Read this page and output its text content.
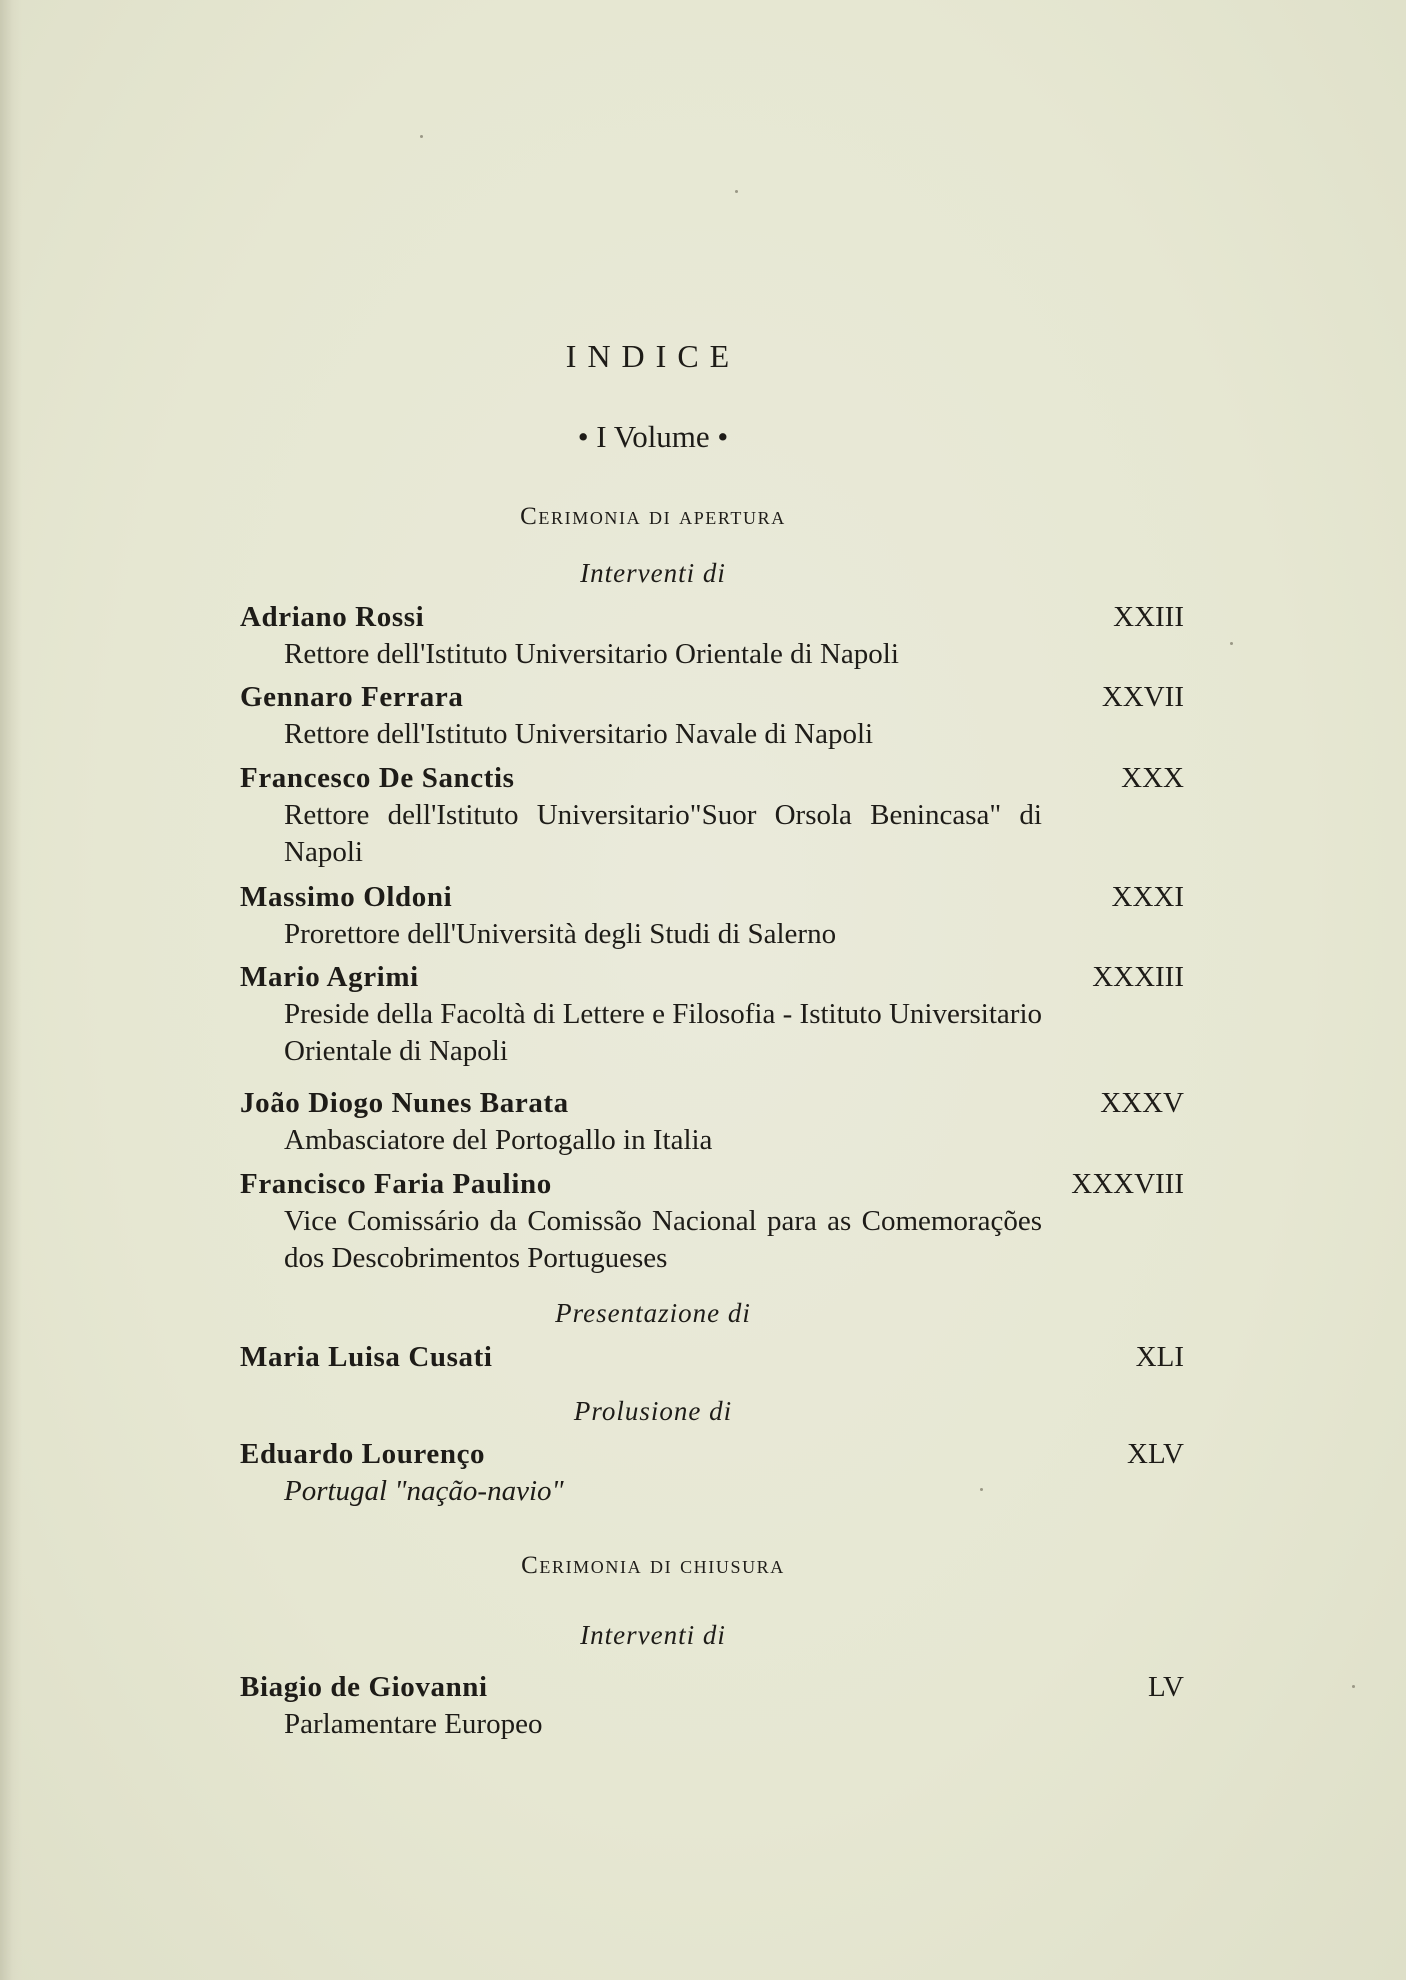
INDICE
• I Volume •
Cerimonia di apertura
Interventi di
Adriano Rossi	XXIII
Rettore dell'Istituto Universitario Orientale di Napoli
Gennaro Ferrara	XXVII
Rettore dell'Istituto Universitario Navale di Napoli
Francesco De Sanctis	XXX
Rettore dell'Istituto Universitario"Suor Orsola Benincasa" di Napoli
Massimo Oldoni	XXXI
Prorettore dell'Università degli Studi di Salerno
Mario Agrimi	XXXIII
Preside della Facoltà di Lettere e Filosofia - Istituto Universitario Orientale di Napoli
João Diogo Nunes Barata	XXXV
Ambasciatore del Portogallo in Italia
Francisco Faria Paulino	XXXVIII
Vice Comissário da Comissão Nacional para as Comemorações dos Descobrimentos Portugueses
Presentazione di
Maria Luisa Cusati	XLI
Prolusione di
Eduardo Lourenço	XLV
Portugal "nação-navio"
Cerimonia di chiusura
Interventi di
Biagio de Giovanni	LV
Parlamentare Europeo
